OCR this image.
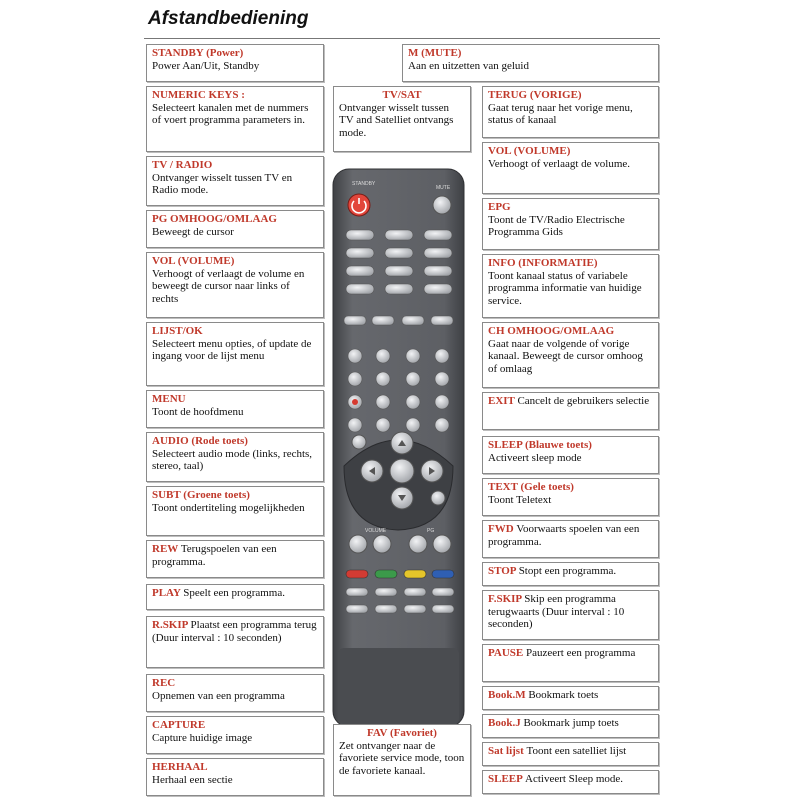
Afstandbediening
STANDBY
MUTE
VOLUME	PG
STANDBY (Power)
Power Aan/Uit, Standby
M (MUTE)
Aan en uitzetten van geluid
NUMERIC KEYS :
Selecteert kanalen met de nummers of voert programma parameters in.
TV/SAT
Ontvanger wisselt tussen TV and Satelliet ontvangs mode.
TERUG (VORIGE)
Gaat terug naar het vorige menu, status of kanaal
TV / RADIO
Ontvanger wisselt tussen TV en Radio mode.
VOL (VOLUME)
Verhoogt of verlaagt de volume.
PG OMHOOG/OMLAAG
Beweegt de cursor
EPG
Toont de TV/Radio Electrische Programma Gids
VOL (VOLUME)
Verhoogt of verlaagt de volume en beweegt de cursor naar links of rechts
INFO (INFORMATIE)
Toont kanaal status of variabele programma informatie van huidige service.
LIJST/OK
Selecteert menu opties, of update de ingang voor de lijst menu
CH OMHOOG/OMLAAG
Gaat naar de volgende of vorige kanaal. Beweegt de cursor omhoog of omlaag
MENU
Toont de hoofdmenu
EXIT Cancelt de gebruikers selectie
AUDIO (Rode toets)
Selecteert audio mode (links, rechts, stereo, taal)
SLEEP (Blauwe toets)
Activeert sleep mode
TEXT (Gele toets)
Toont Teletext
SUBT (Groene toets)
Toont ondertiteling mogelijkheden
FWD Voorwaarts spoelen van een programma.
REW Terugspoelen van een programma.
STOP Stopt een programma.
PLAY Speelt een programma.	F.SKIP Skip een programma terugwaarts (Duur interval : 10 seconden)
R.SKIP Plaatst een programma terug (Duur interval : 10 seconden)
PAUSE Pauzeert een programma
REC
Opnemen van een programma	Book.M Bookmark toets
CAPTURE
Capture huidige image
Book.J Bookmark jump toets
FAV (Favoriet)
Zet ontvanger naar de favoriete service mode, toon de favoriete kanaal.
Sat lijst Toont een satelliet lijst
HERHAAL
Herhaal een sectie	SLEEP Activeert Sleep mode.
